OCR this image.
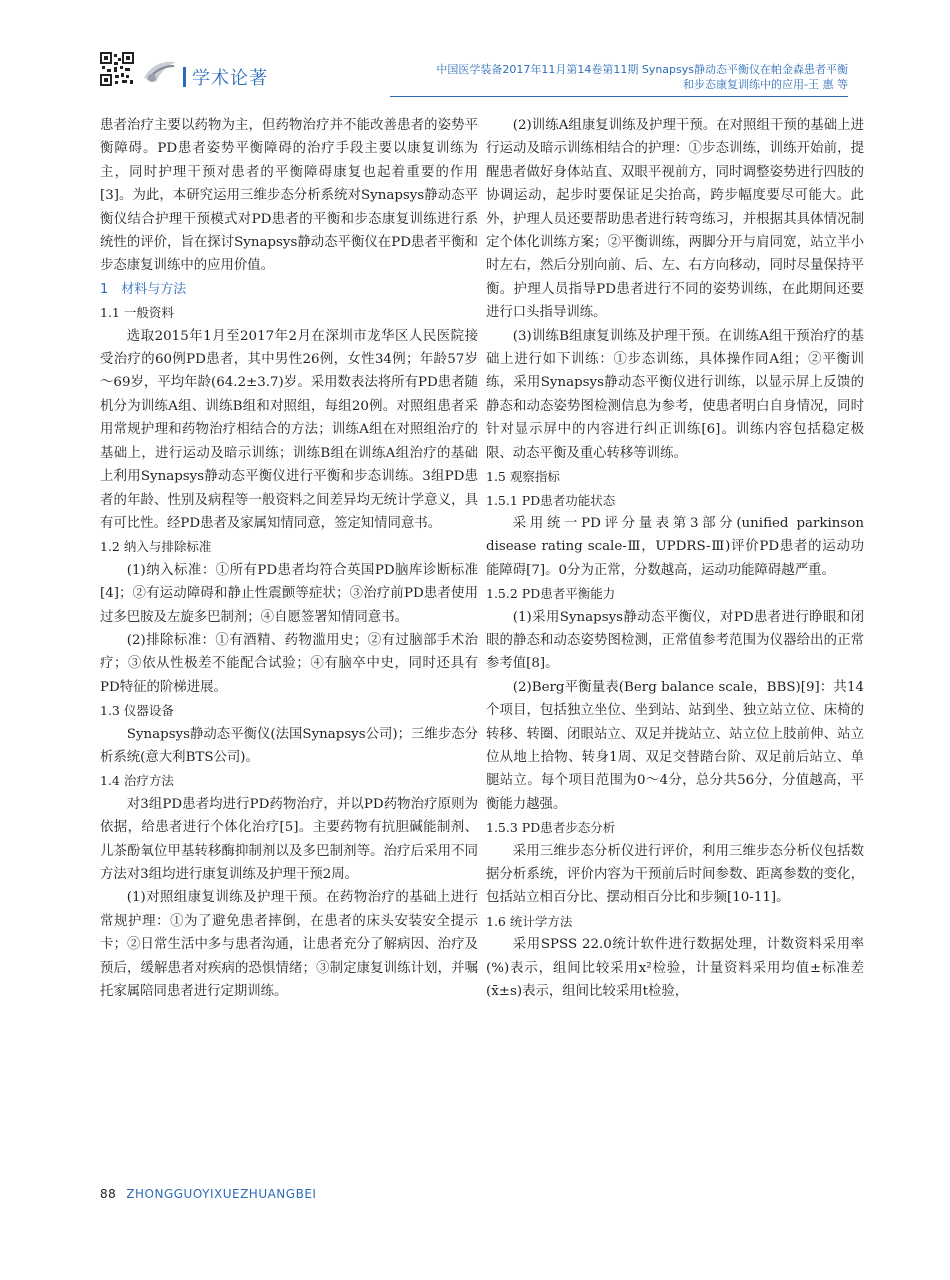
学术论著	中国医学装备2017年11月第14卷第11期 Synapsys静动态平衡仪在帕金森患者平衡
和步态康复训练中的应用-王 惠 等

患者治疗主要以药物为主，但药物治疗并不能改善患者的姿势平衡障碍。PD患者姿势平衡障碍的治疗手段主要以康复训练为主，同时护理干预对患者的平衡障碍康复也起着重要的作用[3]。为此，本研究运用三维步态分析系统对Synapsys静动态平衡仪结合护理干预模式对PD患者的平衡和步态康复训练进行系统性的评价，旨在探讨Synapsys静动态平衡仪在PD患者平衡和步态康复训练中的应用价值。

1　材料与方法

1.1 一般资料

选取2015年1月至2017年2月在深圳市龙华区人民医院接受治疗的60例PD患者，其中男性26例，女性34例；年龄57岁～69岁，平均年龄(64.2±3.7)岁。采用数表法将所有PD患者随机分为训练A组、训练B组和对照组，每组20例。对照组患者采用常规护理和药物治疗相结合的方法；训练A组在对照组治疗的基础上，进行运动及暗示训练；训练B组在训练A组治疗的基础上利用Synapsys静动态平衡仪进行平衡和步态训练。3组PD患者的年龄、性别及病程等一般资料之间差异均无统计学意义，具有可比性。经PD患者及家属知情同意，签定知情同意书。

1.2 纳入与排除标准

(1)纳入标准：①所有PD患者均符合英国PD脑库诊断标准[4]；②有运动障碍和静止性震颤等症状；③治疗前PD患者使用过多巴胺及左旋多巴制剂；④自愿签署知情同意书。

(2)排除标准：①有酒精、药物滥用史；②有过脑部手术治疗；③依从性极差不能配合试验；④有脑卒中史，同时还具有PD特征的阶梯进展。

1.3 仪器设备

Synapsys静动态平衡仪(法国Synapsys公司)；三维步态分析系统(意大利BTS公司)。

1.4 治疗方法

对3组PD患者均进行PD药物治疗，并以PD药物治疗原则为依据，给患者进行个体化治疗[5]。主要药物有抗胆碱能制剂、儿茶酚氧位甲基转移酶抑制剂以及多巴制剂等。治疗后采用不同方法对3组均进行康复训练及护理干预2周。

(1)对照组康复训练及护理干预。在药物治疗的基础上进行常规护理：①为了避免患者摔倒，在患者的床头安装安全提示卡；②日常生活中多与患者沟通，让患者充分了解病因、治疗及预后，缓解患者对疾病的恐惧情绪；③制定康复训练计划，并嘱托家属陪同患者进行定期训练。

(2)训练A组康复训练及护理干预。在对照组干预的基础上进行运动及暗示训练相结合的护理：①步态训练，训练开始前，提醒患者做好身体站直、双眼平视前方，同时调整姿势进行四肢的协调运动，起步时要保证足尖抬高，跨步幅度要尽可能大。此外，护理人员还要帮助患者进行转弯练习，并根据其具体情况制定个体化训练方案；②平衡训练，两脚分开与肩同宽，站立半小时左右，然后分别向前、后、左、右方向移动，同时尽量保持平衡。护理人员指导PD患者进行不同的姿势训练，在此期间还要进行口头指导训练。

(3)训练B组康复训练及护理干预。在训练A组干预治疗的基础上进行如下训练：①步态训练，具体操作同A组；②平衡训练，采用Synapsys静动态平衡仪进行训练，以显示屏上反馈的静态和动态姿势图检测信息为参考，使患者明白自身情况，同时针对显示屏中的内容进行纠正训练[6]。训练内容包括稳定极限、动态平衡及重心转移等训练。

1.5 观察指标

1.5.1 PD患者功能状态

采用统一PD评分量表第3部分(unified parkinson disease rating scale-Ⅲ，UPDRS-Ⅲ)评价PD患者的运动功能障碍[7]。0分为正常，分数越高，运动功能障碍越严重。

1.5.2 PD患者平衡能力

(1)采用Synapsys静动态平衡仪，对PD患者进行睁眼和闭眼的静态和动态姿势图检测，正常值参考范围为仪器给出的正常参考值[8]。

(2)Berg平衡量表(Berg balance scale，BBS)[9]：共14个项目，包括独立坐位、坐到站、站到坐、独立站立位、床椅的转移、转圈、闭眼站立、双足并拢站立、站立位上肢前伸、站立位从地上拾物、转身1周、双足交替踏台阶、双足前后站立、单腿站立。每个项目范围为0～4分，总分共56分，分值越高，平衡能力越强。

1.5.3 PD患者步态分析

采用三维步态分析仪进行评价，利用三维步态分析仪包括数据分析系统，评价内容为干预前后时间参数、距离参数的变化，包括站立相百分比、摆动相百分比和步频[10-11]。

1.6 统计学方法

采用SPSS 22.0统计软件进行数据处理，计数资料采用率(%)表示，组间比较采用x²检验，计量资料采用均值±标准差(x̄±s)表示，组间比较采用t检验，

88 ZHONGGUOYIXUEZHUANGBEI
